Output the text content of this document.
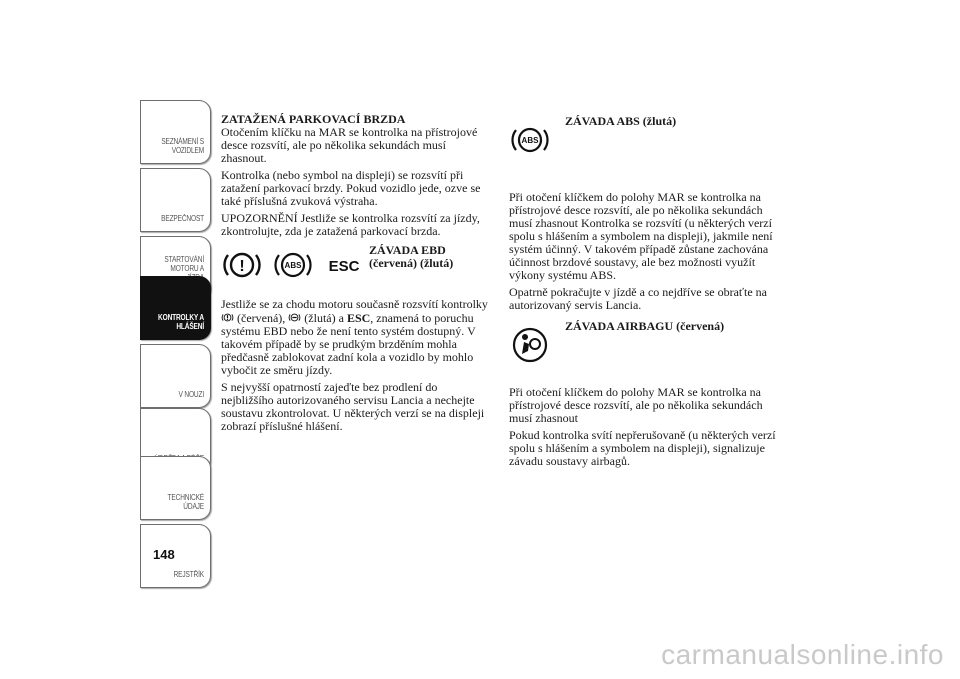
SEZNÁMENÍ S
VOZIDLEM
BEZPEČNOST
STARTOVÁNÍ
MOTORU A

KONTROLKY A
HLÁŠENÍ
V NOUZI
TECHNICKÉ
ÚDAJE
REJSTŘÍK
148
ZATAŽENÁ PARKOVACÍ BRZDA

Otočením klíčku na MAR se kontrolka na přístrojové desce rozsvítí, ale po několika sekundách musí zhasnout.

Kontrolka (nebo symbol na displeji) se rozsvítí při zatažení parkovací brzdy. Pokud vozidlo jede, ozve se také příslušná zvuková výstraha.

UPOZORNĚNÍ Jestliže se kontrolka rozsvítí za jízdy, zkontrolujte, zda je zatažená parkovací brzda.

!	ABS ESC
ZÁVADA EBD
(červená) (žlutá)

Jestliže se za chodu motoru současně rozsvítí kontrolky
(červená), (žlutá) a ESC, znamená to poruchu systému EBD nebo že není tento systém dostupný. V takovém případě by se prudkým brzděním mohla předčasně zablokovat zadní kola a vozidlo by mohlo vybočit ze směru jízdy.

S nejvyšší opatrností zajeďte bez prodlení do nejbližšího autorizovaného servisu Lancia a nechejte soustavu zkontrolovat. U některých verzí se na displeji zobrazí příslušné hlášení.

ABS
ZÁVADA ABS (žlutá)

Při otočení klíčkem do polohy MAR se kontrolka na přístrojové desce rozsvítí, ale po několika sekundách musí zhasnout Kontrolka se rozsvítí (u některých verzí spolu s hlášením a symbolem na displeji), jakmile není systém účinný. V takovém případě zůstane zachována účinnost brzdové soustavy, ale bez možnosti využít výkony systému ABS.

Opatrně pokračujte v jízdě a co nejdříve se obraťte na autorizovaný servis Lancia.

ZÁVADA AIRBAGU (červená)

Při otočení klíčkem do polohy MAR se kontrolka na přístrojové desce rozsvítí, ale po několika sekundách musí zhasnout

Pokud kontrolka svítí nepřerušovaně (u některých verzí spolu s hlášením a symbolem na displeji), signalizuje závadu soustavy airbagů.

carmanualsonline.info
